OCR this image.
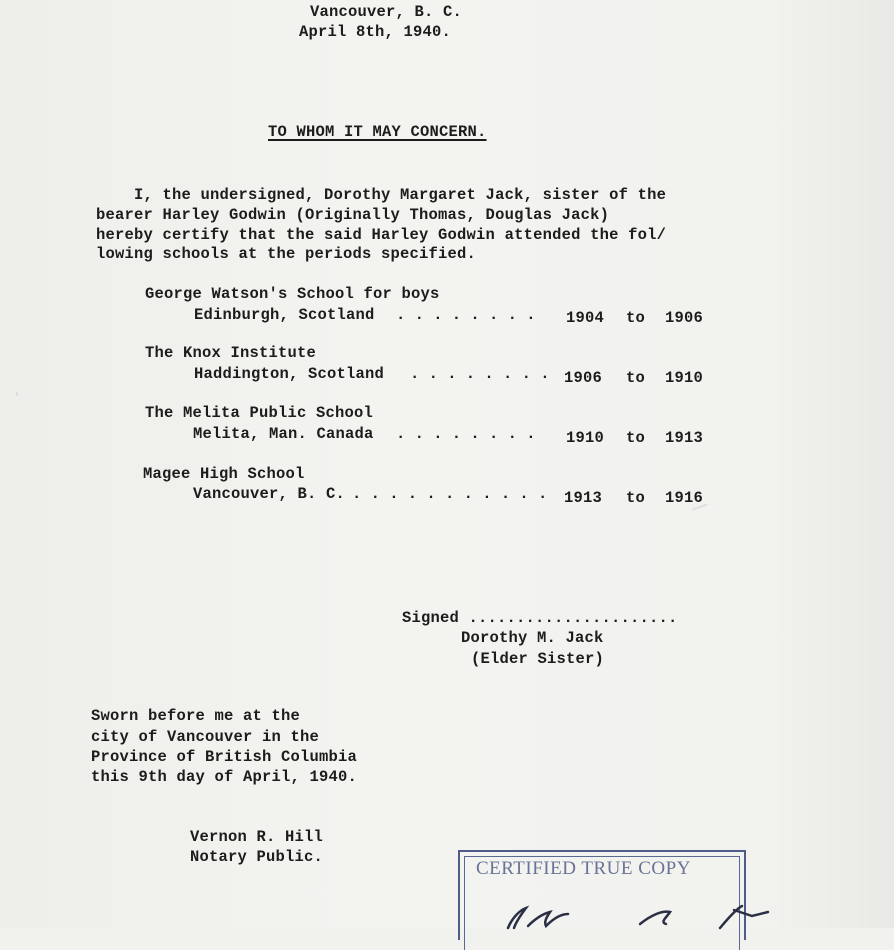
Vancouver, B. C.
April 8th, 1940.
TO WHOM IT MAY CONCERN.
I, the undersigned, Dorothy Margaret Jack, sister of the
bearer Harley Godwin (Originally Thomas, Douglas Jack)
hereby certify that the said Harley Godwin attended the fol/
lowing schools at the periods specified.
George Watson's School for boys
Edinburgh, Scotland . . . . . . . . 1904 to 1906
The Knox Institute
Haddington, Scotland . . . . . . . . 1906 to 1910
The Melita Public School
Melita, Man. Canada . . . . . . . . 1910 to 1913
Magee High School
Vancouver, B. C. . . . . . . . . . . . 1913 to 1916
Signed ......................
Dorothy M. Jack
(Elder Sister)
Sworn before me at the
city of Vancouver in the
Province of British Columbia
this 9th day of April, 1940.
Vernon R. Hill
Notary Public.
CERTIFIED TRUE COPY
